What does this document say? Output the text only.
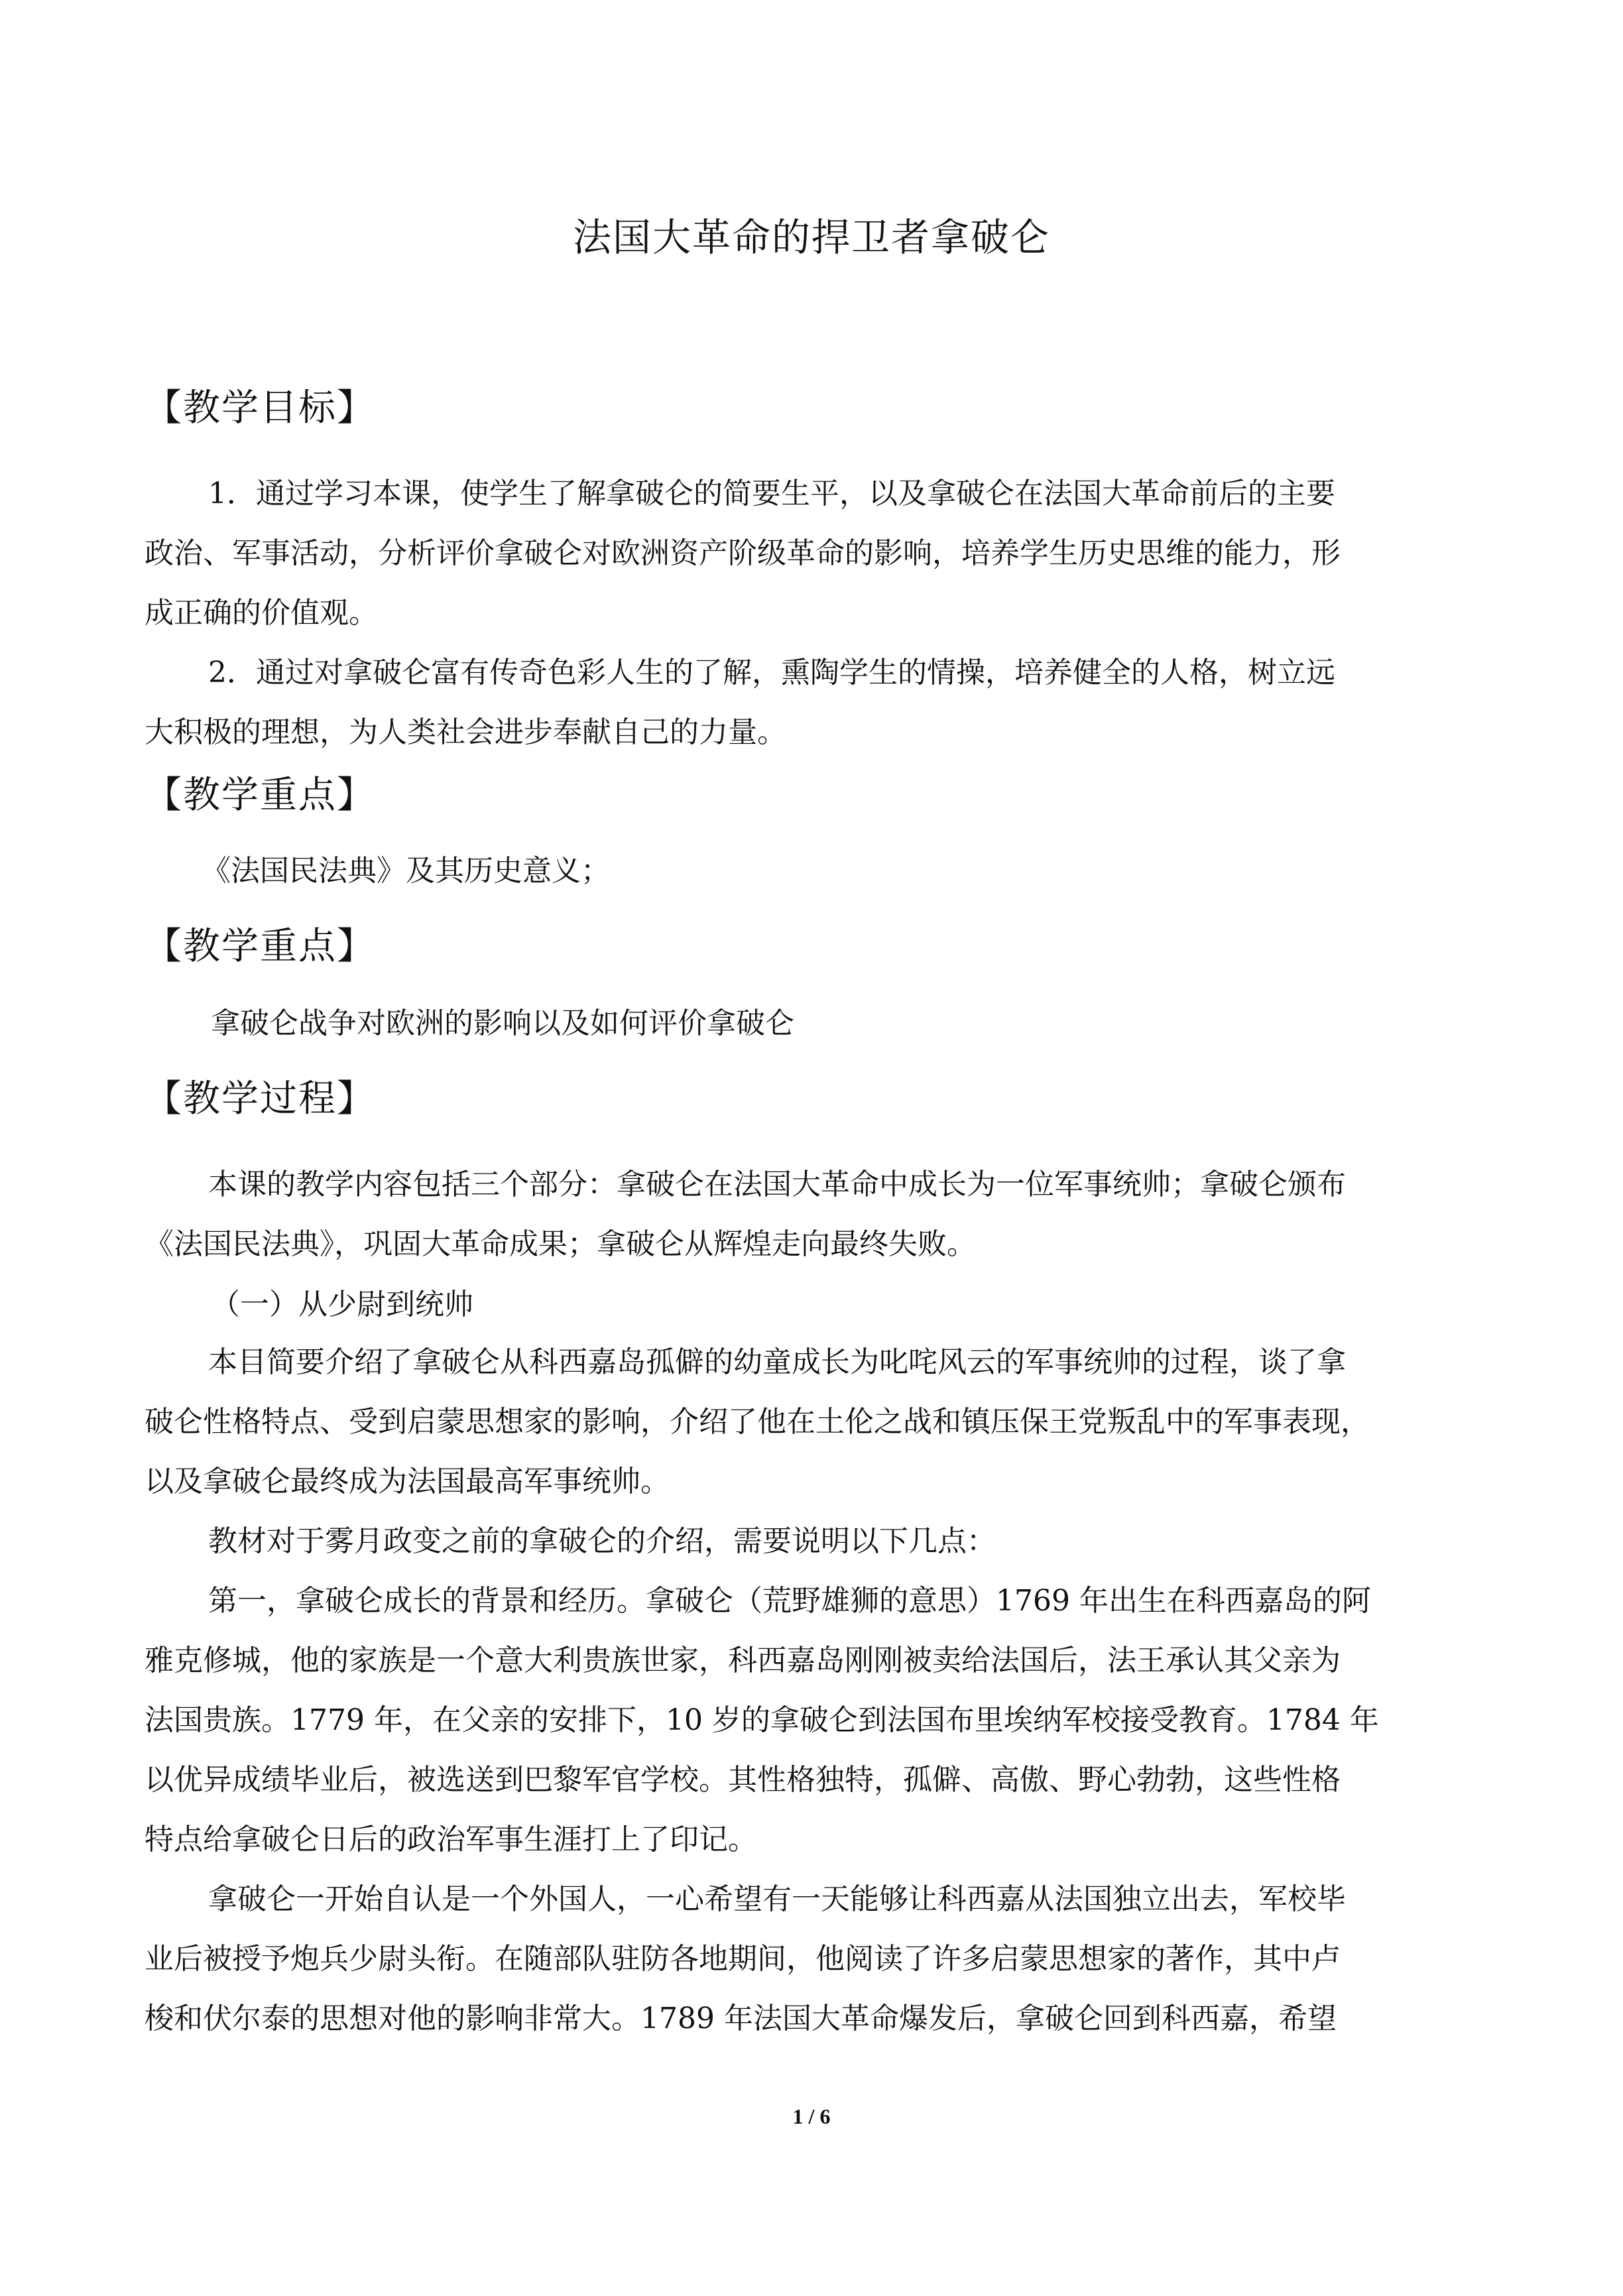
法国大革命的捍卫者拿破仑
【教学目标】
1．通过学习本课，使学生了解拿破仑的简要生平，以及拿破仑在法国大革命前后的主要
政治、军事活动，分析评价拿破仑对欧洲资产阶级革命的影响，培养学生历史思维的能力，形
成正确的价值观。
2．通过对拿破仑富有传奇色彩人生的了解，熏陶学生的情操，培养健全的人格，树立远
大积极的理想，为人类社会进步奉献自己的力量。
【教学重点】
《法国民法典》及其历史意义；
【教学重点】
拿破仑战争对欧洲的影响以及如何评价拿破仑
【教学过程】
本课的教学内容包括三个部分：拿破仑在法国大革命中成长为一位军事统帅；拿破仑颁布
《法国民法典》，巩固大革命成果；拿破仑从辉煌走向最终失败。
（一）从少尉到统帅
本目简要介绍了拿破仑从科西嘉岛孤僻的幼童成长为叱咤风云的军事统帅的过程，谈了拿
破仑性格特点、受到启蒙思想家的影响，介绍了他在土伦之战和镇压保王党叛乱中的军事表现，
以及拿破仑最终成为法国最高军事统帅。
教材对于雾月政变之前的拿破仑的介绍，需要说明以下几点：
第一，拿破仑成长的背景和经历。拿破仑（荒野雄狮的意思）1769 年出生在科西嘉岛的阿
雅克修城，他的家族是一个意大利贵族世家，科西嘉岛刚刚被卖给法国后，法王承认其父亲为
法国贵族。1779 年，在父亲的安排下，10 岁的拿破仑到法国布里埃纳军校接受教育。1784 年
以优异成绩毕业后，被选送到巴黎军官学校。其性格独特，孤僻、高傲、野心勃勃，这些性格
特点给拿破仑日后的政治军事生涯打上了印记。
拿破仑一开始自认是一个外国人，一心希望有一天能够让科西嘉从法国独立出去，军校毕
业后被授予炮兵少尉头衔。在随部队驻防各地期间，他阅读了许多启蒙思想家的著作，其中卢
梭和伏尔泰的思想对他的影响非常大。1789 年法国大革命爆发后，拿破仑回到科西嘉，希望
1 / 6
